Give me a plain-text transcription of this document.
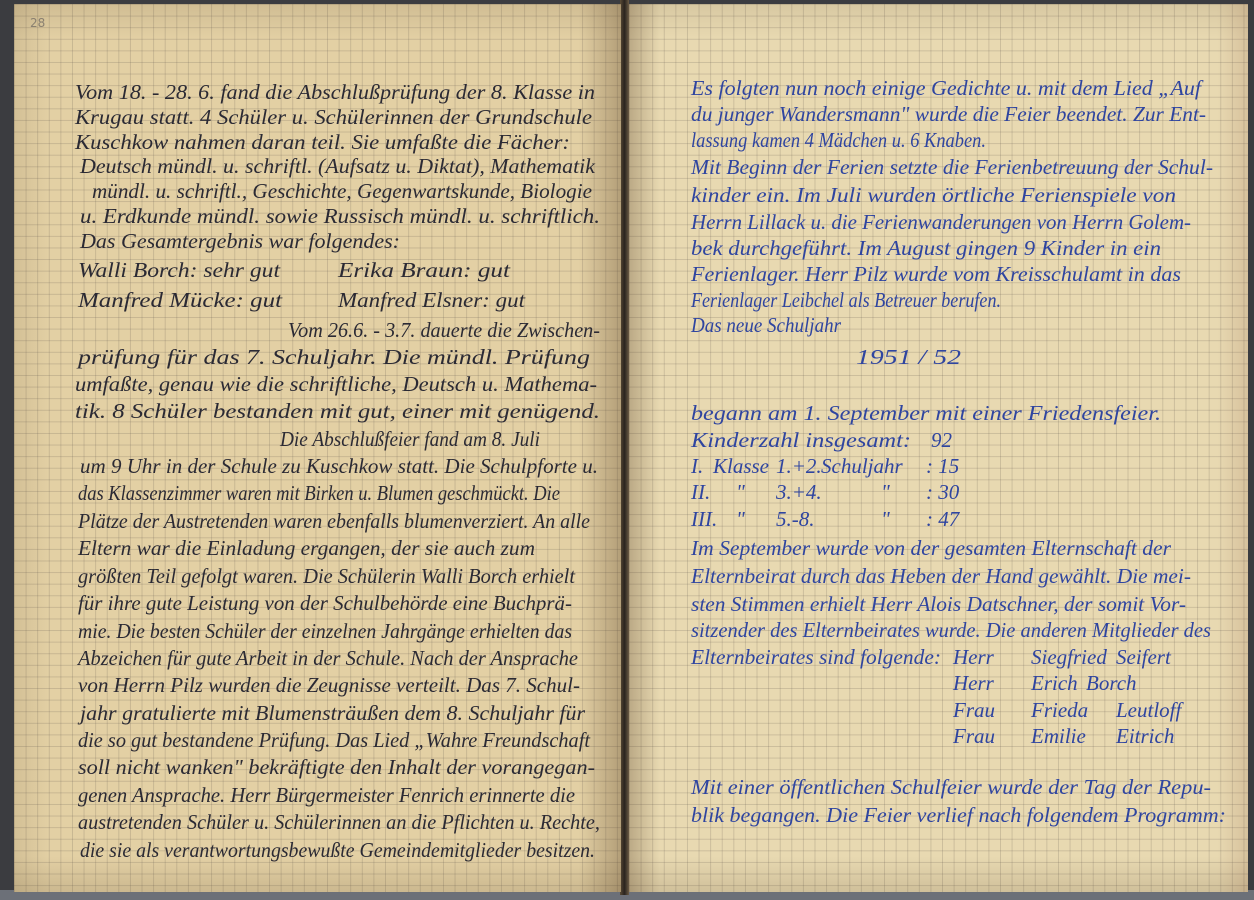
28
Vom 18. - 28. 6. fand die Abschlußprüfung der 8. Klasse in
Krugau statt. 4 Schüler u. Schülerinnen der Grundschule
Kuschkow nahmen daran teil. Sie umfaßte die Fächer:
Deutsch mündl. u. schriftl. (Aufsatz u. Diktat), Mathematik
mündl. u. schriftl., Geschichte, Gegenwartskunde, Biologie
u. Erdkunde mündl. sowie Russisch mündl. u. schriftlich.
Das Gesamtergebnis war folgendes:
Walli Borch: sehr gut	Erika Braun: gut
Manfred Mücke: gut	Manfred Elsner: gut
Vom 26.6. - 3.7. dauerte die Zwischen-
prüfung für das 7. Schuljahr. Die mündl. Prüfung
umfaßte, genau wie die schriftliche, Deutsch u. Mathema-
tik. 8 Schüler bestanden mit gut, einer mit genügend.
Die Abschlußfeier fand am 8. Juli
um 9 Uhr in der Schule zu Kuschkow statt. Die Schulpforte u.
das Klassenzimmer waren mit Birken u. Blumen geschmückt. Die
Plätze der Austretenden waren ebenfalls blumenverziert. An alle
Eltern war die Einladung ergangen, der sie auch zum
größten Teil gefolgt waren. Die Schülerin Walli Borch erhielt
für ihre gute Leistung von der Schulbehörde eine Buchprä-
mie. Die besten Schüler der einzelnen Jahrgänge erhielten das
Abzeichen für gute Arbeit in der Schule. Nach der Ansprache
von Herrn Pilz wurden die Zeugnisse verteilt. Das 7. Schul-
jahr gratulierte mit Blumensträußen dem 8. Schuljahr für
die so gut bestandene Prüfung. Das Lied „Wahre Freundschaft
soll nicht wanken" bekräftigte den Inhalt der vorangegan-
genen Ansprache. Herr Bürgermeister Fenrich erinnerte die
austretenden Schüler u. Schülerinnen an die Pflichten u. Rechte,
die sie als verantwortungsbewußte Gemeindemitglieder besitzen.
Es folgten nun noch einige Gedichte u. mit dem Lied „Auf
du junger Wandersmann" wurde die Feier beendet. Zur Ent-
lassung kamen 4 Mädchen u. 6 Knaben.
Mit Beginn der Ferien setzte die Ferienbetreuung der Schul-
kinder ein. Im Juli wurden örtliche Ferienspiele von
Herrn Lillack u. die Ferienwanderungen von Herrn Golem-
bek durchgeführt. Im August gingen 9 Kinder in ein
Ferienlager. Herr Pilz wurde vom Kreisschulamt in das
Ferienlager Leibchel als Betreuer berufen.
Das neue Schuljahr
1951 / 52
begann am 1. September mit einer Friedensfeier.
Kinderzahl insgesamt: 92
I. Klasse 1.+2. Schuljahr : 15
II. " 3.+4.	" : 30
III. " 5.-8.	" : 47
Im September wurde von der gesamten Elternschaft der
Elternbeirat durch das Heben der Hand gewählt. Die mei-
sten Stimmen erhielt Herr Alois Datschner, der somit Vor-
sitzender des Elternbeirates wurde. Die anderen Mitglieder des
Elternbeirates sind folgende: Herr Siegfried Seifert
Herr Erich Borch
Frau Frieda Leutloff
Frau Emilie Eitrich
Mit einer öffentlichen Schulfeier wurde der Tag der Repu-
blik begangen. Die Feier verlief nach folgendem Programm:
